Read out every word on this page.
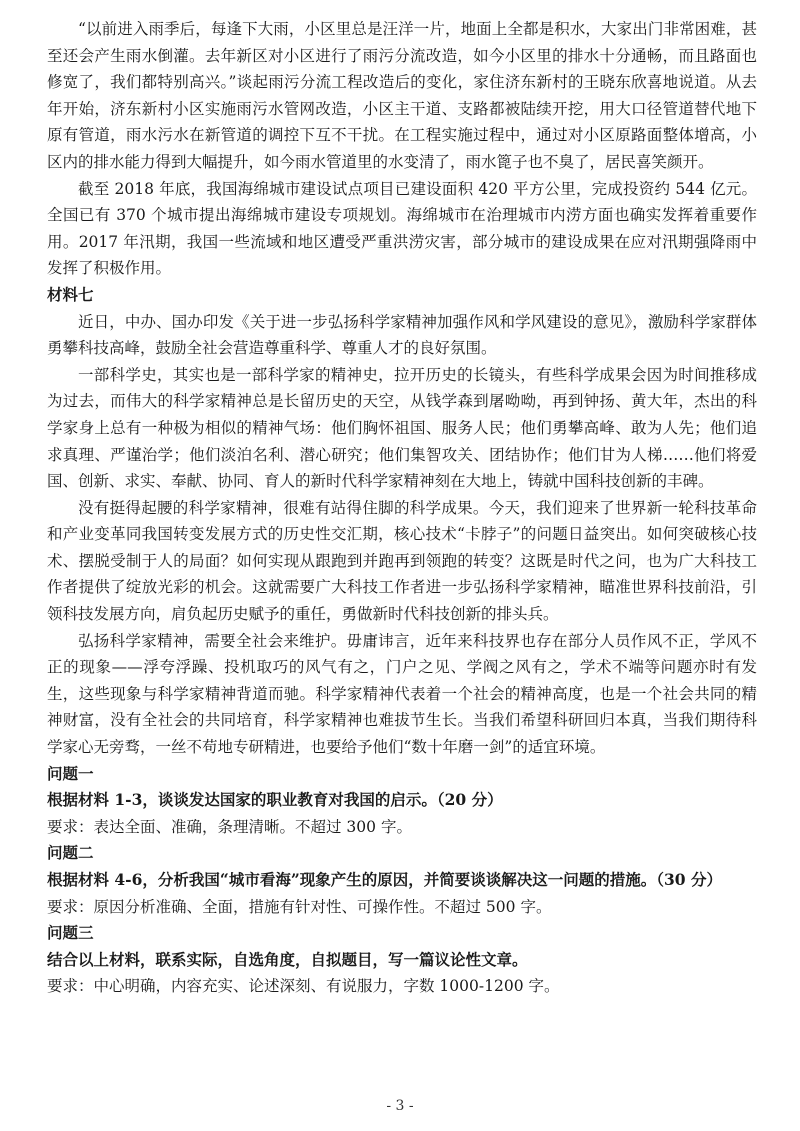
“以前进入雨季后，每逢下大雨，小区里总是汪洋一片，地面上全都是积水，大家出门非常困难，甚至还会产生雨水倒灌。去年新区对小区进行了雨污分流改造，如今小区里的排水十分通畅，而且路面也修宽了，我们都特别高兴。”谈起雨污分流工程改造后的变化，家住济东新村的王晓东欣喜地说道。从去年开始，济东新村小区实施雨污水管网改造，小区主干道、支路都被陆续开挖，用大口径管道替代地下原有管道，雨水污水在新管道的调控下互不干扰。在工程实施过程中，通过对小区原路面整体增高，小区内的排水能力得到大幅提升，如今雨水管道里的水变清了，雨水篦子也不臭了，居民喜笑颜开。

截至 2018 年底，我国海绵城市建设试点项目已建设面积 420 平方公里，完成投资约 544 亿元。全国已有 370 个城市提出海绵城市建设专项规划。海绵城市在治理城市内涝方面也确实发挥着重要作用。2017 年汛期，我国一些流域和地区遭受严重洪涝灾害，部分城市的建设成果在应对汛期强降雨中发挥了积极作用。

材料七

近日，中办、国办印发《关于进一步弘扬科学家精神加强作风和学风建设的意见》，激励科学家群体勇攀科技高峰，鼓励全社会营造尊重科学、尊重人才的良好氛围。

一部科学史，其实也是一部科学家的精神史，拉开历史的长镜头，有些科学成果会因为时间推移成为过去，而伟大的科学家精神总是长留历史的天空，从钱学森到屠呦呦，再到钟扬、黄大年，杰出的科学家身上总有一种极为相似的精神气场：他们胸怀祖国、服务人民；他们勇攀高峰、敢为人先；他们追求真理、严谨治学；他们淡泊名利、潜心研究；他们集智攻关、团结协作；他们甘为人梯……他们将爱国、创新、求实、奉献、协同、育人的新时代科学家精神刻在大地上，铸就中国科技创新的丰碑。

没有挺得起腰的科学家精神，很难有站得住脚的科学成果。今天，我们迎来了世界新一轮科技革命和产业变革同我国转变发展方式的历史性交汇期，核心技术“卡脖子”的问题日益突出。如何突破核心技术、摆脱受制于人的局面？如何实现从跟跑到并跑再到领跑的转变？这既是时代之问，也为广大科技工作者提供了绽放光彩的机会。这就需要广大科技工作者进一步弘扬科学家精神，瞄准世界科技前沿，引领科技发展方向，肩负起历史赋予的重任，勇做新时代科技创新的排头兵。

弘扬科学家精神，需要全社会来维护。毋庸讳言，近年来科技界也存在部分人员作风不正，学风不正的现象——浮夸浮躁、投机取巧的风气有之，门户之见、学阀之风有之，学术不端等问题亦时有发生，这些现象与科学家精神背道而驰。科学家精神代表着一个社会的精神高度，也是一个社会共同的精神财富，没有全社会的共同培育，科学家精神也难拔节生长。当我们希望科研回归本真，当我们期待科学家心无旁骛，一丝不苟地专研精进，也要给予他们“数十年磨一剑”的适宜环境。

问题一

根据材料 1-3，谈谈发达国家的职业教育对我国的启示。（20 分）

要求：表达全面、准确，条理清晰。不超过 300 字。

问题二

根据材料 4-6，分析我国“城市看海”现象产生的原因，并简要谈谈解决这一问题的措施。（30 分）

要求：原因分析准确、全面，措施有针对性、可操作性。不超过 500 字。

问题三

结合以上材料，联系实际，自选角度，自拟题目，写一篇议论性文章。

要求：中心明确，内容充实、论述深刻、有说服力，字数 1000-1200 字。

- 3 -
